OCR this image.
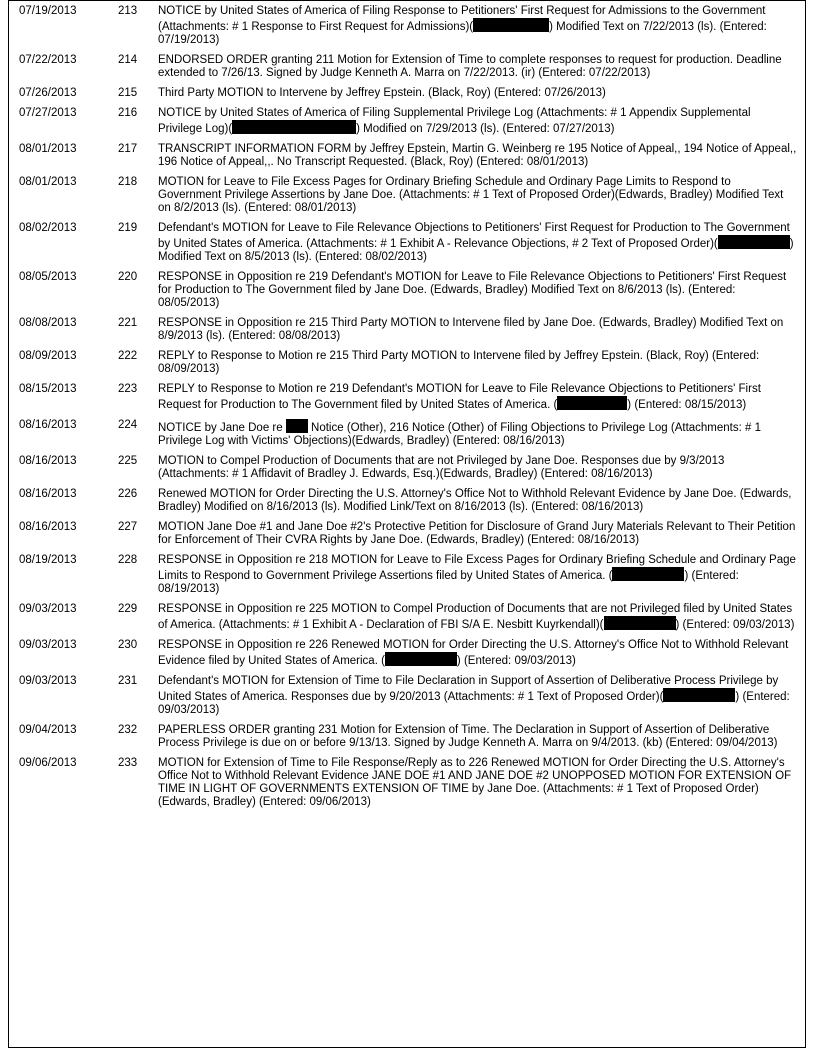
07/19/2013	213	NOTICE by United States of America of Filing Response to Petitioners' First Request for Admissions to the Government (Attachments: # 1 Response to First Request for Admissions)( ) Modified Text on 7/22/2013 (ls). (Entered: 07/19/2013)
07/22/2013	214	ENDORSED ORDER granting 211 Motion for Extension of Time to complete responses to request for production. Deadline extended to 7/26/13. Signed by Judge Kenneth A. Marra on 7/22/2013. (ir) (Entered: 07/22/2013)
07/26/2013	215	Third Party MOTION to Intervene by Jeffrey Epstein. (Black, Roy) (Entered: 07/26/2013)
07/27/2013	216	NOTICE by United States of America of Filing Supplemental Privilege Log (Attachments: # 1 Appendix Supplemental Privilege Log)( ) Modified on 7/29/2013 (ls). (Entered: 07/27/2013)
08/01/2013	217	TRANSCRIPT INFORMATION FORM by Jeffrey Epstein, Martin G. Weinberg re 195 Notice of Appeal,, 194 Notice of Appeal,, 196 Notice of Appeal,,. No Transcript Requested. (Black, Roy) (Entered: 08/01/2013)
08/01/2013	218	MOTION for Leave to File Excess Pages for Ordinary Briefing Schedule and Ordinary Page Limits to Respond to Government Privilege Assertions by Jane Doe. (Attachments: # 1 Text of Proposed Order)(Edwards, Bradley) Modified Text on 8/2/2013 (ls). (Entered: 08/01/2013)
08/02/2013	219	Defendant's MOTION for Leave to File Relevance Objections to Petitioners' First Request for Production to The Government by United States of America. (Attachments: # 1 Exhibit A - Relevance Objections, # 2 Text of Proposed Order)( ) Modified Text on 8/5/2013 (ls). (Entered: 08/02/2013)
08/05/2013	220	RESPONSE in Opposition re 219 Defendant's MOTION for Leave to File Relevance Objections to Petitioners' First Request for Production to The Government filed by Jane Doe. (Edwards, Bradley) Modified Text on 8/6/2013 (ls). (Entered: 08/05/2013)
08/08/2013	221	RESPONSE in Opposition re 215 Third Party MOTION to Intervene filed by Jane Doe. (Edwards, Bradley) Modified Text on 8/9/2013 (ls). (Entered: 08/08/2013)
08/09/2013	222	REPLY to Response to Motion re 215 Third Party MOTION to Intervene filed by Jeffrey Epstein. (Black, Roy) (Entered: 08/09/2013)
08/15/2013	223	REPLY to Response to Motion re 219 Defendant's MOTION for Leave to File Relevance Objections to Petitioners' First Request for Production to The Government filed by United States of America. ( ) (Entered: 08/15/2013)
08/16/2013	224	NOTICE by Jane Doe re  Notice (Other), 216 Notice (Other) of Filing Objections to Privilege Log (Attachments: # 1 Privilege Log with Victims' Objections)(Edwards, Bradley) (Entered: 08/16/2013)
08/16/2013	225	MOTION to Compel Production of Documents that are not Privileged by Jane Doe. Responses due by 9/3/2013 (Attachments: # 1 Affidavit of Bradley J. Edwards, Esq.)(Edwards, Bradley) (Entered: 08/16/2013)
08/16/2013	226	Renewed MOTION for Order Directing the U.S. Attorney's Office Not to Withhold Relevant Evidence by Jane Doe. (Edwards, Bradley) Modified on 8/16/2013 (ls). Modified Link/Text on 8/16/2013 (ls). (Entered: 08/16/2013)
08/16/2013	227	MOTION Jane Doe #1 and Jane Doe #2's Protective Petition for Disclosure of Grand Jury Materials Relevant to Their Petition for Enforcement of Their CVRA Rights by Jane Doe. (Edwards, Bradley) (Entered: 08/16/2013)
08/19/2013	228	RESPONSE in Opposition re 218 MOTION for Leave to File Excess Pages for Ordinary Briefing Schedule and Ordinary Page Limits to Respond to Government Privilege Assertions filed by United States of America. ( ) (Entered: 08/19/2013)
09/03/2013	229	RESPONSE in Opposition re 225 MOTION to Compel Production of Documents that are not Privileged filed by United States of America. (Attachments: # 1 Exhibit A - Declaration of FBI S/A E. Nesbitt Kuyrkendall)( ) (Entered: 09/03/2013)
09/03/2013	230	RESPONSE in Opposition re 226 Renewed MOTION for Order Directing the U.S. Attorney's Office Not to Withhold Relevant Evidence filed by United States of America. ( ) (Entered: 09/03/2013)
09/03/2013	231	Defendant's MOTION for Extension of Time to File Declaration in Support of Assertion of Deliberative Process Privilege by United States of America. Responses due by 9/20/2013 (Attachments: # 1 Text of Proposed Order)( ) (Entered: 09/03/2013)
09/04/2013	232	PAPERLESS ORDER granting 231 Motion for Extension of Time. The Declaration in Support of Assertion of Deliberative Process Privilege is due on or before 9/13/13. Signed by Judge Kenneth A. Marra on 9/4/2013. (kb) (Entered: 09/04/2013)
09/06/2013	233	MOTION for Extension of Time to File Response/Reply as to 226 Renewed MOTION for Order Directing the U.S. Attorney's Office Not to Withhold Relevant Evidence JANE DOE #1 AND JANE DOE #2 UNOPPOSED MOTION FOR EXTENSION OF TIME IN LIGHT OF GOVERNMENTS EXTENSION OF TIME by Jane Doe. (Attachments: # 1 Text of Proposed Order)(Edwards, Bradley) (Entered: 09/06/2013)
